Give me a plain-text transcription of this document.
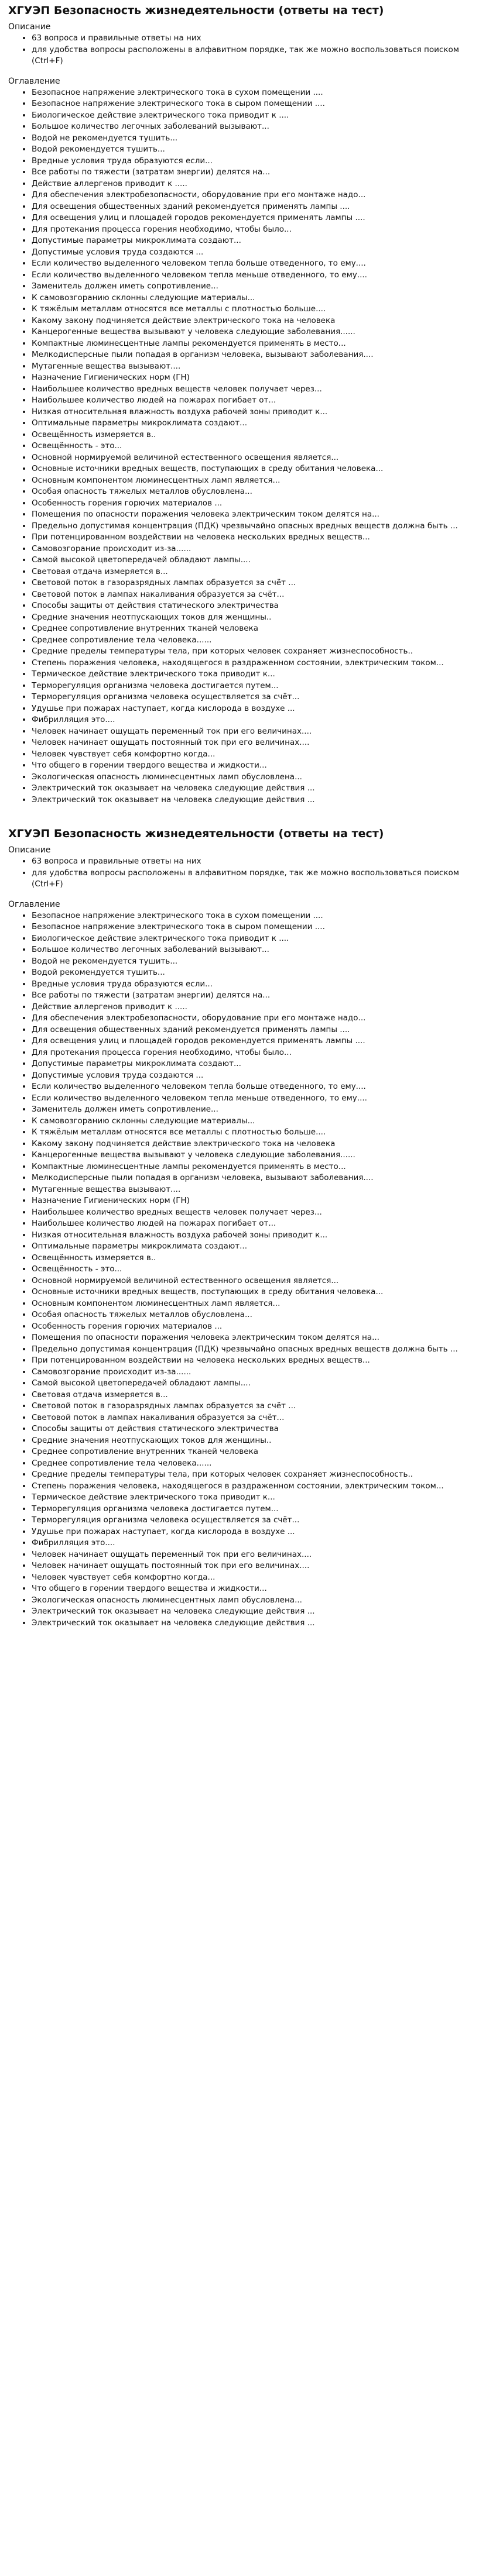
ХГУЭП Безопасность жизнедеятельности (ответы на тест)
Описание
• 63 вопроса и правильные ответы на них
• для удобства вопросы расположены в алфавитном порядке, так же можно воспользоваться поиском (Ctrl+F)
Оглавление
• Безопасное напряжение электрического тока в сухом помещении ....
• Безопасное напряжение электрического тока в сыром помещении ....
• Биологическое действие электрического тока приводит к ....
• Большое количество легочных заболеваний вызывают...
• Водой не рекомендуется тушить...
• Водой рекомендуется тушить...
• Вредные условия труда образуются если...
• Все работы по тяжести (затратам энергии) делятся на...
• Действие аллергенов приводит к .....
• Для обеспечения электробезопасности, оборудование при его монтаже надо...
• Для освещения общественных зданий рекомендуется применять лампы ....
• Для освещения улиц и площадей городов рекомендуется применять лампы ....
• Для протекания процесса горения необходимо, чтобы было...
• Допустимые параметры микроклимата создают...
• Допустимые условия труда создаются ...
• Если количество выделенного человеком тепла больше отведенного, то ему....
• Если количество выделенного человеком тепла меньше отведенного, то ему....
• Заменитель должен иметь сопротивление...
• К самовозгоранию склонны следующие материалы...
• К тяжёлым металлам относятся все металлы с плотностью больше....
• Какому закону подчиняется действие электрического тока на человека
• Канцерогенные вещества вызывают у человека следующие заболевания......
• Компактные люминесцентные лампы рекомендуется применять в место...
• Мелкодисперсные пыли попадая в организм человека, вызывают заболевания....
• Мутагенные вещества вызывают....
• Назначение Гигиенических норм (ГН)
• Наибольшее количество вредных веществ человек получает через...
• Наибольшее количество людей на пожарах погибает от...
• Низкая относительная влажность воздуха рабочей зоны приводит к...
• Оптимальные параметры микроклимата создают...
• Освещённость измеряется в..
• Освещённость - это...
• Основной нормируемой величиной естественного освещения является...
• Основные источники вредных веществ, поступающих в среду обитания человека...
• Основным компонентом люминесцентных ламп является...
• Особая опасность тяжелых металлов обусловлена...
• Особенность горения горючих материалов ...
• Помещения по опасности поражения человека электрическим током делятся на...
• Предельно допустимая концентрация (ПДК) чрезвычайно опасных вредных веществ должна быть ...
• При потенцированном воздействии на человека нескольких вредных веществ...
• Самовозгорание происходит из-за......
• Самой высокой цветопередачей обладают лампы....
• Световая отдача измеряется в...
• Световой поток в газоразрядных лампах образуется за счёт ...
• Световой поток в лампах накаливания образуется за счёт...
• Способы защиты от действия статического электричества
• Средние значения неотпускающих токов для женщины..
• Среднее сопротивление внутренних тканей человека
• Среднее сопротивление тела человека......
• Средние пределы температуры тела, при которых человек сохраняет жизнеспособность..
• Степень поражения человека, находящегося в раздраженном состоянии, электрическим током...
• Термическое действие электрического тока приводит к...
• Терморегуляция организма человека достигается путем...
• Терморегуляция организма человека осуществляется за счёт...
• Удушье при пожарах наступает, когда кислорода в воздухе ...
• Фибрилляция это....
• Человек начинает ощущать переменный ток при его величинах....
• Человек начинает ощущать постоянный ток при его величинах....
• Человек чувствует себя комфортно когда...
• Что общего в горении твердого вещества и жидкости...
• Экологическая опасность люминесцентных ламп обусловлена...
• Электрический ток оказывает на человека следующие действия ...
• Электрический ток оказывает на человека следующие действия ...
ХГУЭП Безопасность жизнедеятельности (ответы на тест)
Описание
• 63 вопроса и правильные ответы на них
• для удобства вопросы расположены в алфавитном порядке, так же можно воспользоваться поиском (Ctrl+F)
Оглавление
• Безопасное напряжение электрического тока в сухом помещении ....
• Безопасное напряжение электрического тока в сыром помещении ....
• Биологическое действие электрического тока приводит к ....
• Большое количество легочных заболеваний вызывают...
• Водой не рекомендуется тушить...
• Водой рекомендуется тушить...
• Вредные условия труда образуются если...
• Все работы по тяжести (затратам энергии) делятся на...
• Действие аллергенов приводит к .....
• Для обеспечения электробезопасности, оборудование при его монтаже надо...
• Для освещения общественных зданий рекомендуется применять лампы ....
• Для освещения улиц и площадей городов рекомендуется применять лампы ....
• Для протекания процесса горения необходимо, чтобы было...
• Допустимые параметры микроклимата создают...
• Допустимые условия труда создаются ...
• Если количество выделенного человеком тепла больше отведенного, то ему....
• Если количество выделенного человеком тепла меньше отведенного, то ему....
• Заменитель должен иметь сопротивление...
• К самовозгоранию склонны следующие материалы...
• К тяжёлым металлам относятся все металлы с плотностью больше....
• Какому закону подчиняется действие электрического тока на человека
• Канцерогенные вещества вызывают у человека следующие заболевания......
• Компактные люминесцентные лампы рекомендуется применять в место...
• Мелкодисперсные пыли попадая в организм человека, вызывают заболевания....
• Мутагенные вещества вызывают....
• Назначение Гигиенических норм (ГН)
• Наибольшее количество вредных веществ человек получает через...
• Наибольшее количество людей на пожарах погибает от...
• Низкая относительная влажность воздуха рабочей зоны приводит к...
• Оптимальные параметры микроклимата создают...
• Освещённость измеряется в..
• Освещённость - это...
• Основной нормируемой величиной естественного освещения является...
• Основные источники вредных веществ, поступающих в среду обитания человека...
• Основным компонентом люминесцентных ламп является...
• Особая опасность тяжелых металлов обусловлена...
• Особенность горения горючих материалов ...
• Помещения по опасности поражения человека электрическим током делятся на...
• Предельно допустимая концентрация (ПДК) чрезвычайно опасных вредных веществ должна быть ...
• При потенцированном воздействии на человека нескольких вредных веществ...
• Самовозгорание происходит из-за......
• Самой высокой цветопередачей обладают лампы....
• Световая отдача измеряется в...
• Световой поток в газоразрядных лампах образуется за счёт ...
• Световой поток в лампах накаливания образуется за счёт...
• Способы защиты от действия статического электричества
• Средние значения неотпускающих токов для женщины..
• Среднее сопротивление внутренних тканей человека
• Среднее сопротивление тела человека......
• Средние пределы температуры тела, при которых человек сохраняет жизнеспособность..
• Степень поражения человека, находящегося в раздраженном состоянии, электрическим током...
• Термическое действие электрического тока приводит к...
• Терморегуляция организма человека достигается путем...
• Терморегуляция организма человека осуществляется за счёт...
• Удушье при пожарах наступает, когда кислорода в воздухе ...
• Фибрилляция это....
• Человек начинает ощущать переменный ток при его величинах....
• Человек начинает ощущать постоянный ток при его величинах....
• Человек чувствует себя комфортно когда...
• Что общего в горении твердого вещества и жидкости...
• Экологическая опасность люминесцентных ламп обусловлена...
• Электрический ток оказывает на человека следующие действия ...
• Электрический ток оказывает на человека следующие действия ...
